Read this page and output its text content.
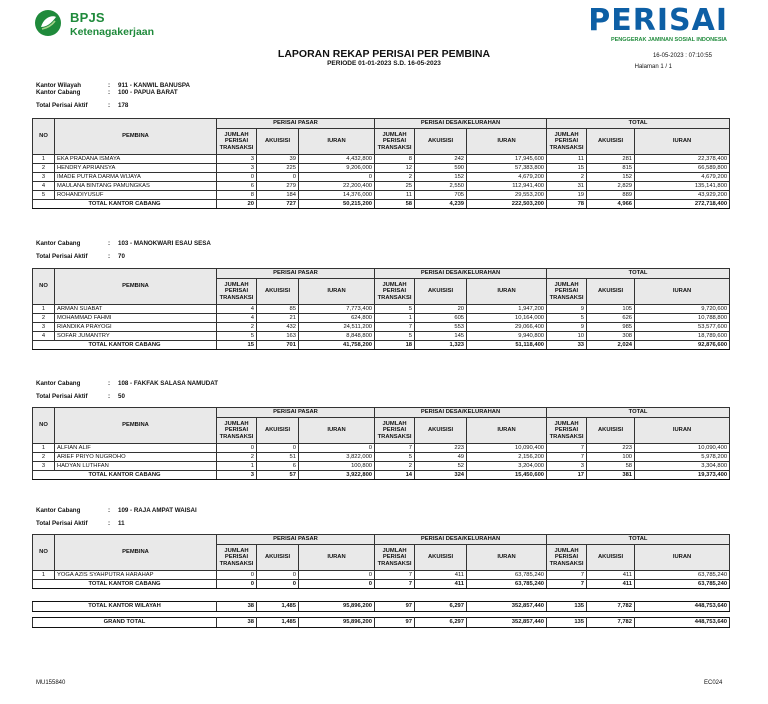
BPJS
Ketenagakerjaan	PERISAI
PENGGERAK JAMINAN SOSIAL INDONESIA
LAPORAN REKAP PERISAI PER PEMBINA
PERIODE 01-01-2023 S.D. 16-05-2023
16-05-2023 : 07:10:55
Halaman 1 / 1
Kantor Wilayah	: 911 - KANWIL BANUSPA
Kantor Cabang	: 100 - PAPUA BARAT
Total Perisai Aktif	: 178
NO	PEMBINA	PERISAI PASAR			PERISAI DESA/KELURAHAN			TOTAL		
		JUMLAH PERISAI TRANSAKSI	AKUISISI	IURAN	JUMLAH PERISAI TRANSAKSI	AKUISISI	IURAN	JUMLAH PERISAI TRANSAKSI	AKUISISI	IURAN
1	EKA PRADANA ISMAYA	3	39	4,432,800	8	242	17,945,600	11	281	22,378,400
2	HENDRY APRIANSYA	3	225	9,206,000	12	590	57,383,800	15	815	66,589,800
3	IMADE PUTRA DARMA WIJAYA	0	0	0	2	152	4,679,200	2	152	4,679,200
4	MAULANA BINTANG PAMUNGKAS	6	279	22,200,400	25	2,550	112,941,400	31	2,829	135,141,800
5	ROHANDIYUSUF	8	184	14,376,000	11	705	29,553,200	19	889	43,929,200
TOTAL KANTOR CABANG		20	727	50,215,200	58	4,239	222,503,200	78	4,966	272,718,400
Kantor Cabang	: 103 - MANOKWARI ESAU SESA
Total Perisai Aktif	: 70
NO	PEMBINA	PERISAI PASAR			PERISAI DESA/KELURAHAN			TOTAL		
		JUMLAH PERISAI TRANSAKSI	AKUISISI	IURAN	JUMLAH PERISAI TRANSAKSI	AKUISISI	IURAN	JUMLAH PERISAI TRANSAKSI	AKUISISI	IURAN
1	ARMAN SUABAT	4	85	7,773,400	5	20	1,947,200	9	105	9,720,600
2	MOHAMMAD FAHMI	4	21	624,800	1	605	10,164,000	5	626	10,788,800
3	RIANDIKA PRAYOGI	2	432	24,511,200	7	553	29,066,400	9	985	53,577,600
4	SOFAR JUMANTRY	5	163	8,848,800	5	145	9,940,800	10	308	18,789,600
TOTAL KANTOR CABANG		15	701	41,758,200	18	1,323	51,118,400	33	2,024	92,876,600
Kantor Cabang	: 108 - FAKFAK SALASA NAMUDAT
Total Perisai Aktif	: 50
NO	PEMBINA	PERISAI PASAR			PERISAI DESA/KELURAHAN			TOTAL		
		JUMLAH PERISAI TRANSAKSI	AKUISISI	IURAN	JUMLAH PERISAI TRANSAKSI	AKUISISI	IURAN	JUMLAH PERISAI TRANSAKSI	AKUISISI	IURAN
1	ALFIAN ALIF	0	0	0	7	223	10,090,400	7	223	10,090,400
2	ARIEF PRIYO NUGROHO	2	51	3,822,000	5	49	2,156,200	7	100	5,978,200
3	HADYAN LUTHFAN	1	6	100,800	2	52	3,204,000	3	58	3,304,800
TOTAL KANTOR CABANG		3	57	3,922,800	14	324	15,450,600	17	381	19,373,400
Kantor Cabang	: 109 - RAJA AMPAT WAISAI
Total Perisai Aktif	: 11
NO	PEMBINA	PERISAI PASAR			PERISAI DESA/KELURAHAN			TOTAL		
		JUMLAH PERISAI TRANSAKSI	AKUISISI	IURAN	JUMLAH PERISAI TRANSAKSI	AKUISISI	IURAN	JUMLAH PERISAI TRANSAKSI	AKUISISI	IURAN
1	YOGA AZIS SYAHPUTRA HARAHAP	0	0	0	7	411	63,785,240	7	411	63,785,240
TOTAL KANTOR CABANG		0	0	0	7	411	63,785,240	7	411	63,785,240
TOTAL KANTOR WILAYAH	38	1,485	95,896,200	97	6,297	352,857,440	135	7,782	448,753,640
GRAND TOTAL	38	1,485	95,896,200	97	6,297	352,857,440	135	7,782	448,753,640
MU155840	EC024
